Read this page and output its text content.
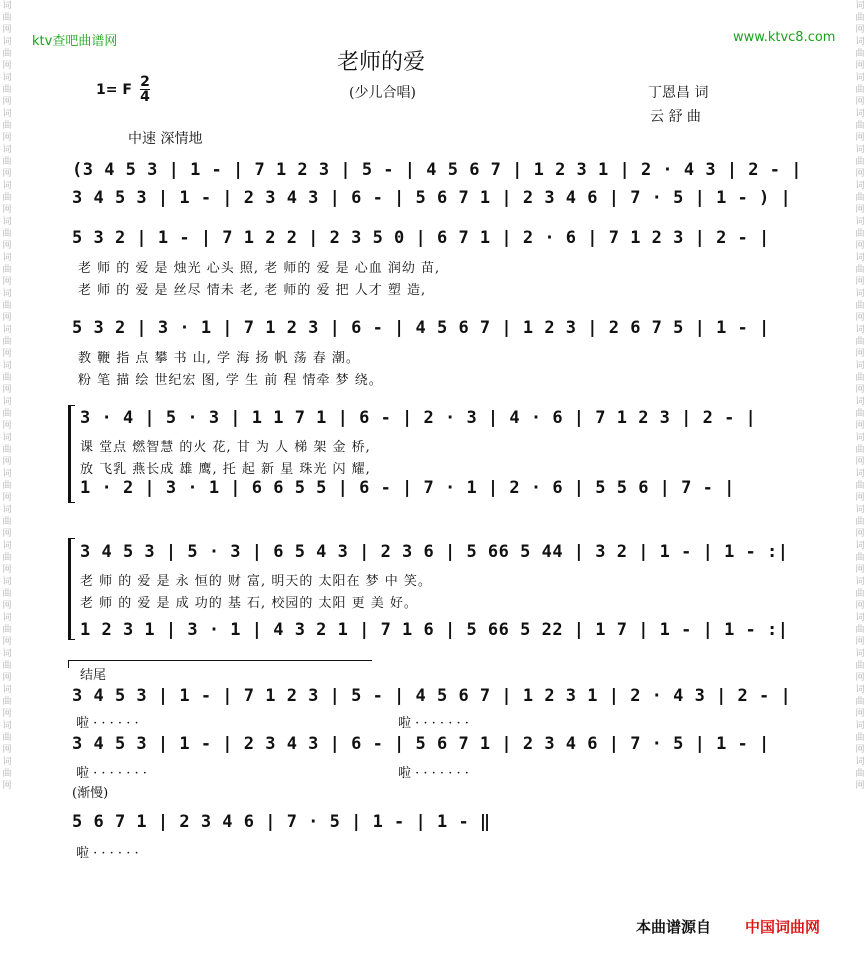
词
曲
网
词
曲
网
词
曲
网
词
曲
网
词
曲
网
词
曲
网
词
曲
网
词
曲
网
词
曲
网
词
曲
网
词
曲
网
词
曲
网
词
曲
网
词
曲
网
词
曲
网
词
曲
网
词
曲
网
词
曲
网
词
曲
网
词
曲
网
词
曲
网
词
曲
网
词
曲
网
词
曲
网
词
曲
网
词
曲
网
词
曲
网
词
曲
网
词
曲
网
词
曲
网
词
曲
网
词
曲
网
词
曲
网
词
曲
网
词
曲
网
词
曲
网
词
曲
网
词
曲
网
词
曲
网
词
曲
网
词
曲
网
词
曲
网
词
曲
网
词
曲
网
ktv查吧曲谱网	www.ktvc8.com
老师的爱
(少儿合唱)
1= F 2
4	丁恩昌 词
云 舒 曲
中速 深情地
(3 4 5 3 | 1 - | 7 1 2 3 | 5 - | 4 5 6 7 | 1 2 3 1 | 2 · 4 3 | 2 - |
3 4 5 3 | 1 - | 2 3 4 3 | 6 - | 5 6 7 1 | 2 3 4 6 | 7 · 5 | 1 - ) |
5 3 2 | 1 - | 7 1 2 2 | 2 3 5 0 | 6 7 1 | 2 · 6 | 7 1 2 3 | 2 - |
老 师 的 爱 是 烛光 心头 照, 老 师的 爱 是 心血 润幼 苗,
老 师 的 爱 是 丝尽 情未 老, 老 师的 爱 把 人才 塑 造,
5 3 2 | 3 · 1 | 7 1 2 3 | 6 - | 4 5 6 7 | 1 2 3 | 2 6 7 5 | 1 - |
教 鞭 指 点 攀 书 山, 学 海 扬 帆 荡 春 潮。
粉 笔 描 绘 世纪宏 图, 学 生 前 程 情牵 梦 绕。
3 · 4 | 5 · 3 | 1 1 7 1 | 6 - | 2 · 3 | 4 · 6 | 7 1 2 3 | 2 - |
课 堂点 燃智慧 的火 花, 甘 为 人 梯 架 金 桥,
放 飞乳 燕长成 雄 鹰, 托 起 新 星 珠光 闪 耀,
1 · 2 | 3 · 1 | 6 6 5 5 | 6 - | 7 · 1 | 2 · 6 | 5 5 6 | 7 - |
3 4 5 3 | 5 · 3 | 6 5 4 3 | 2 3 6 | 5 66 5 44 | 3 2 | 1 - | 1 - :|
老 师 的 爱 是 永 恒的 财 富, 明天的 太阳在 梦 中 笑。
老 师 的 爱 是 成 功的 基 石, 校园的 太阳 更 美 好。
1 2 3 1 | 3 · 1 | 4 3 2 1 | 7 1 6 | 5 66 5 22 | 1 7 | 1 - | 1 - :|
结尾
3 4 5 3 | 1 - | 7 1 2 3 | 5 - | 4 5 6 7 | 1 2 3 1 | 2 · 4 3 | 2 - |
啦 · · · · · ·	啦 · · · · · · ·
3 4 5 3 | 1 - | 2 3 4 3 | 6 - | 5 6 7 1 | 2 3 4 6 | 7 · 5 | 1 - |
啦 · · · · · · ·	啦 · · · · · · ·
(渐慢)
5 6 7 1 | 2 3 4 6 | 7 · 5 | 1 - | 1 - ‖
啦 · · · · · ·
本曲谱源自 中国词曲网
